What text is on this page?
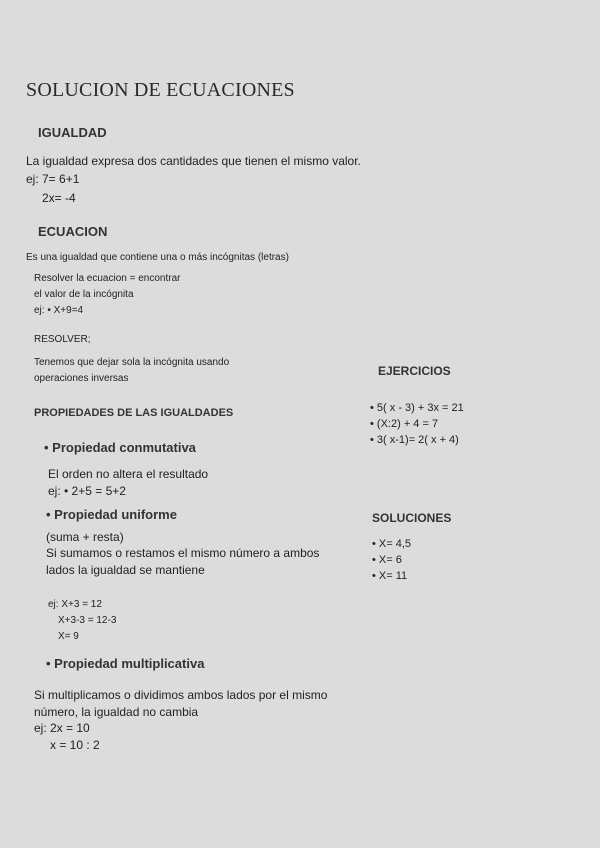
SOLUCION DE ECUACIONES
IGUALDAD
La igualdad expresa dos cantidades que tienen el mismo valor.
ej: 7= 6+1
2x= -4
ECUACION
Es una igualdad que contiene una o más incógnitas (letras)
Resolver la ecuacion = encontrar
el valor de la incógnita
ej: • X+9=4
RESOLVER;
Tenemos que dejar sola la incógnita usando
operaciones inversas
PROPIEDADES DE LAS IGUALDADES
• Propiedad conmutativa
El orden no altera el resultado
ej: • 2+5 = 5+2
• Propiedad uniforme
(suma + resta)
Si sumamos o restamos el mismo número a ambos
lados la igualdad se mantiene
ej: X+3 = 12
X+3-3 = 12-3
X= 9
• Propiedad multiplicativa
Si multiplicamos o dividimos ambos lados por el mismo
número, la igualdad no cambia
ej: 2x = 10
x = 10 : 2
EJERCICIOS
• 5( x - 3) + 3x = 21
• (X:2) + 4 = 7
• 3( x-1)= 2( x + 4)
SOLUCIONES
• X= 4,5
• X= 6
• X= 11
